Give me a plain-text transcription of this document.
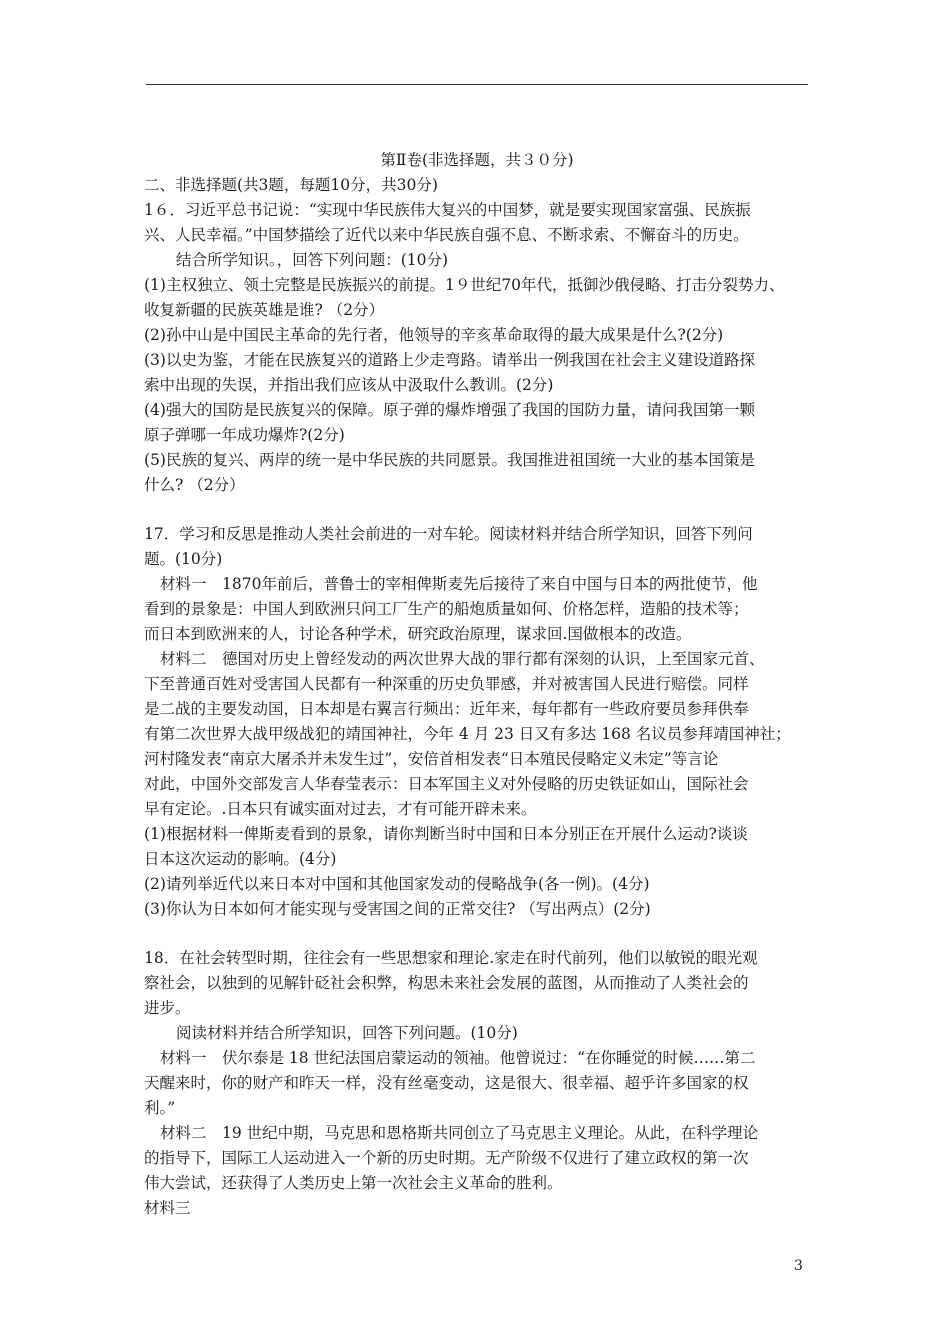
第Ⅱ卷(非选择题，共３０分)

二、非选择题(共3题，每题10分，共30分)

1６．习近平总书记说：“实现中华民族伟大复兴的中国梦，就是要实现国家富强、民族振

兴、人民幸福。”中国梦描绘了近代以来中华民族自强不息、不断求索、不懈奋斗的历史。

结合所学知识。，回答下列问题：(10分)

(1)主权独立、领土完整是民族振兴的前提。1９世纪70年代，抵御沙俄侵略、打击分裂势力、

收复新疆的民族英雄是谁? （2分）

(2)孙中山是中国民主革命的先行者，他领导的辛亥革命取得的最大成果是什么?(2分)

(3)以史为鉴，才能在民族复兴的道路上少走弯路。请举出一例我国在社会主义建设道路探

索中出现的失误，并指出我们应该从中汲取什么教训。(2分)

(4)强大的国防是民族复兴的保障。原子弹的爆炸增强了我国的国防力量，请问我国第一颗

原子弹哪一年成功爆炸?(2分)

(5)民族的复兴、两岸的统一是中华民族的共同愿景。我国推进祖国统一大业的基本国策是

什么? （2分）

17．学习和反思是推动人类社会前进的一对车轮。阅读材料并结合所学知识，回答下列问

题。(10分)

材料一　1870年前后，普鲁士的宰相俾斯麦先后接待了来自中国与日本的两批使节，他

看到的景象是：中国人到欧洲只问工厂生产的船炮质量如何、价格怎样，造船的技术等；

而日本到欧洲来的人，讨论各种学术，研究政治原理，谋求回.国做根本的改造。

材料二　德国对历史上曾经发动的两次世界大战的罪行都有深刻的认识，上至国家元首、

下至普通百姓对受害国人民都有一种深重的历史负罪感，并对被害国人民进行赔偿。同样

是二战的主要发动国，日本却是右翼言行频出：近年来，每年都有一些政府要员参拜供奉

有第二次世界大战甲级战犯的靖国神社，今年 4 月 23 日又有多达 168 名议员参拜靖国神社；

河村隆发表“南京大屠杀并未发生过”，安倍首相发表“日本殖民侵略定义未定”等言论

对此，中国外交部发言人华春莹表示：日本军国主义对外侵略的历史铁证如山，国际社会

早有定论。.日本只有诚实面对过去，才有可能开辟未来。

(1)根据材料一俾斯麦看到的景象，请你判断当时中国和日本分别正在开展什么运动?谈谈

日本这次运动的影响。(4分)

(2)请列举近代以来日本对中国和其他国家发动的侵略战争(各一例)。(4分)

(3)你认为日本如何才能实现与受害国之间的正常交往? （写出两点）(2分)

18．在社会转型时期，往往会有一些思想家和理论.家走在时代前列，他们以敏锐的眼光观

察社会，以独到的见解针砭社会积弊，构思未来社会发展的蓝图，从而推动了人类社会的

进步。

阅读材料并结合所学知识，回答下列问题。(10分)

材料一　伏尔泰是 18 世纪法国启蒙运动的领袖。他曾说过：“在你睡觉的时候……第二

天醒来时，你的财产和昨天一样，没有丝毫变动，这是很大、很幸福、超乎许多国家的权

利。”

材料二　19 世纪中期，马克思和恩格斯共同创立了马克思主义理论。从此，在科学理论

的指导下，国际工人运动进入一个新的历史时期。无产阶级不仅进行了建立政权的第一次

伟大尝试，还获得了人类历史上第一次社会主义革命的胜利。

材料三

3
